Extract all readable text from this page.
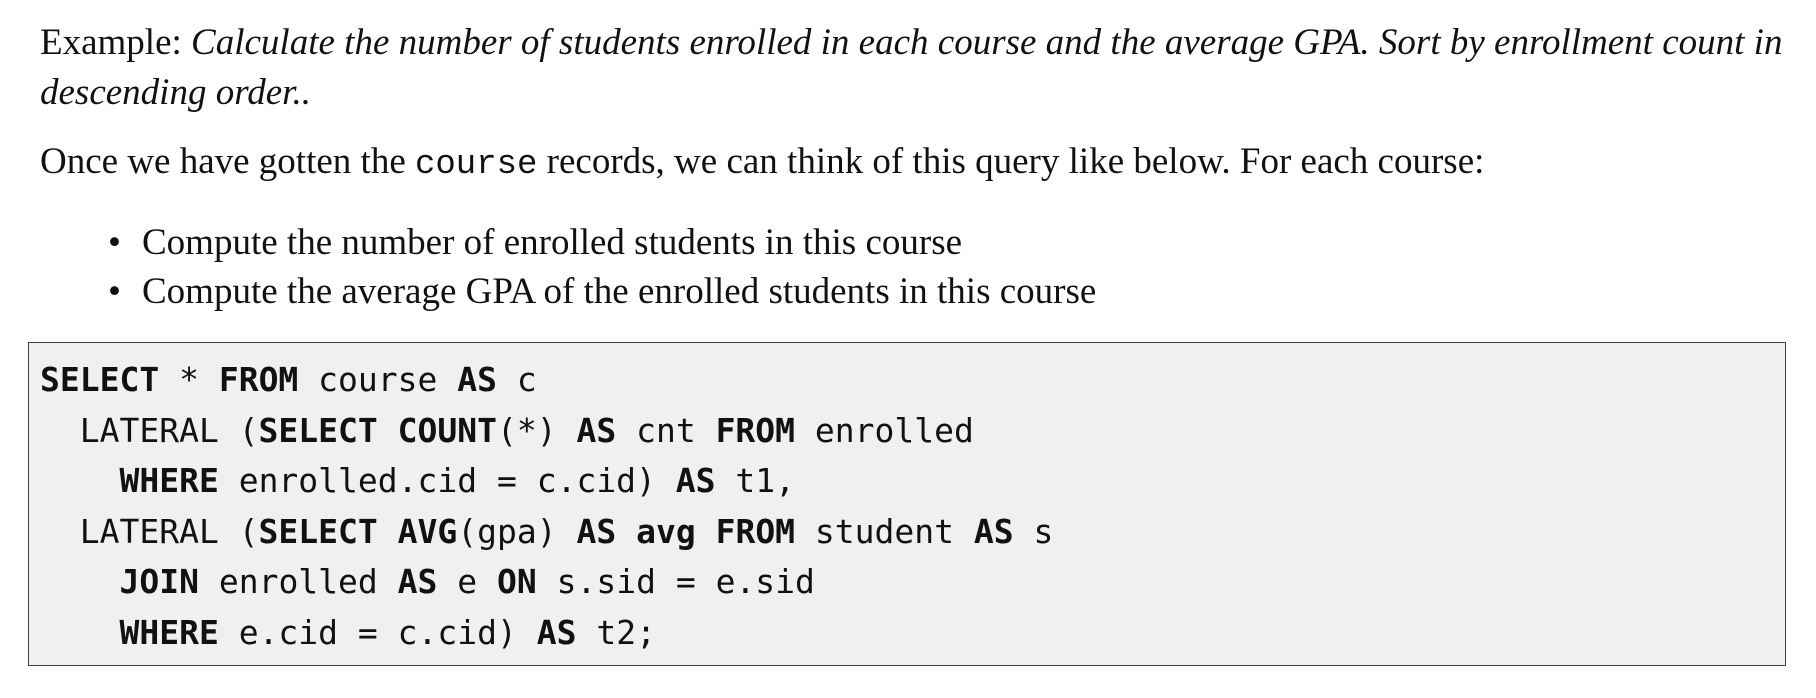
Example: Calculate the number of students enrolled in each course and the average GPA. Sort by enrollment count in descending order..
Once we have gotten the course records, we can think of this query like below. For each course:
• Compute the number of enrolled students in this course
• Compute the average GPA of the enrolled students in this course
SELECT * FROM course AS c
LATERAL (SELECT COUNT(*) AS cnt FROM enrolled
WHERE enrolled.cid = c.cid) AS t1,
LATERAL (SELECT AVG(gpa) AS avg FROM student AS s
JOIN enrolled AS e ON s.sid = e.sid
WHERE e.cid = c.cid) AS t2;
